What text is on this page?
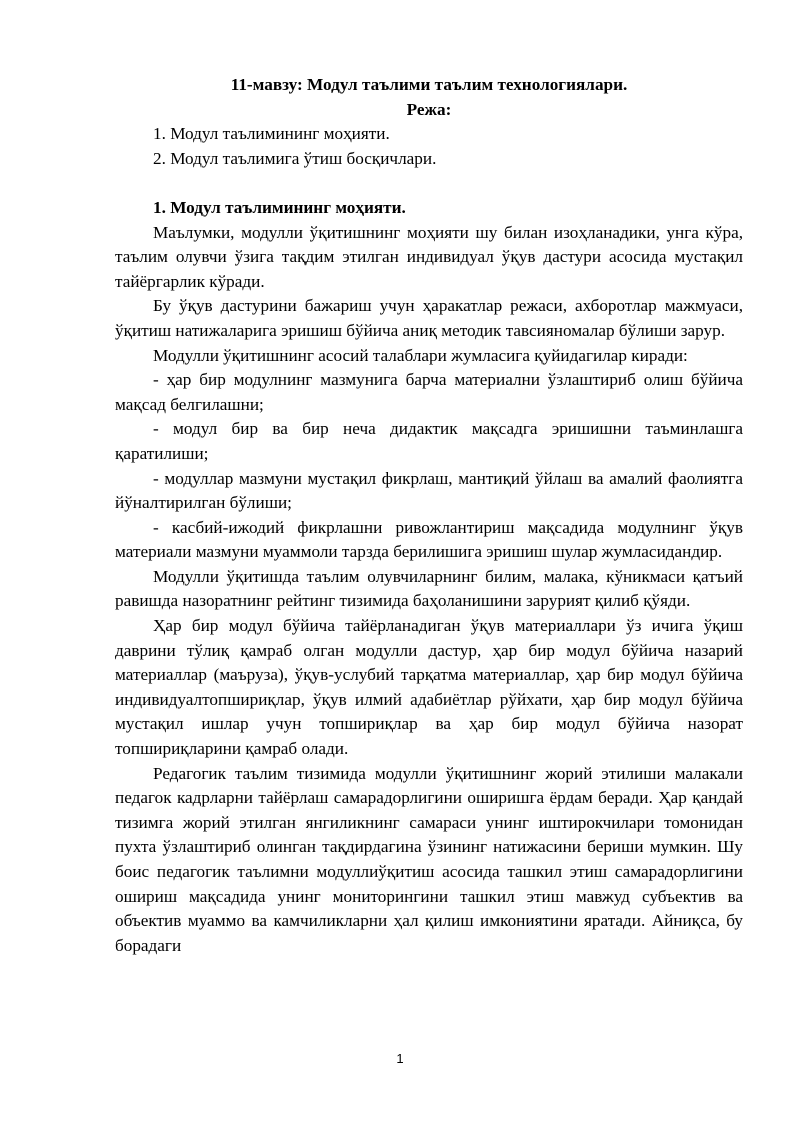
11-мавзу: Модул таълими таълим технологиялари.

Режа:

1. Модул таълимининг моҳияти.

2. Модул таълимига ўтиш босқичлари.

1. Модул таълимининг моҳияти.

Маълумки, модулли ўқитишнинг моҳияти шу билан изоҳланадики, унга кўра, таълим олувчи ўзига тақдим этилган индивидуал ўқув дастури асосида мустақил тайёргарлик кўради.

Бу ўқув дастурини бажариш учун ҳаракатлар режаси, ахборотлар мажмуаси, ўқитиш натижаларига эришиш бўйича аниқ методик тавсияномалар бўлиши зарур.

Модулли ўқитишнинг асосий талаблари жумласига қуйидагилар киради:

- ҳар бир модулнинг мазмунига барча материални ўзлаштириб олиш бўйича мақсад белгилашни;

- модул бир ва бир неча дидактик мақсадга эришишни таъминлашга қаратилиши;

- модуллар мазмуни мустақил фикрлаш, мантиқий ўйлаш ва амалий фаолиятга йўналтирилган бўлиши;

- касбий-ижодий фикрлашни ривожлантириш мақсадида модулнинг ўқув материали мазмуни муаммоли тарзда берилишига эришиш шулар жумласидандир.

Модулли ўқитишда таълим олувчиларнинг билим, малака, кўникмаси қатъий равишда назоратнинг рейтинг тизимида баҳоланишини зарурият қилиб қўяди.

Ҳар бир модул бўйича тайёрланадиган ўқув материаллари ўз ичига ўқиш даврини тўлиқ қамраб олган модулли дастур, ҳар бир модул бўйича назарий материаллар (маъруза), ўқув-услубий тарқатма материаллар, ҳар бир модул бўйича индивидуалтопшириқлар, ўқув илмий адабиётлар рўйхати, ҳар бир модул бўйича мустақил ишлар учун топшириқлар ва ҳар бир модул бўйича назорат топшириқларини қамраб олади.

Редагогик таълим тизимида модулли ўқитишнинг жорий этилиши малакали педагок кадрларни тайёрлаш самарадорлигини оширишга ёрдам беради. Ҳар қандай тизимга жорий этилган янгиликнинг самараси унинг иштирокчилари томонидан пухта ўзлаштириб олинган тақдирдагина ўзининг натижасини бериши мумкин. Шу боис педагогик таълимни модуллиўқитиш асосида ташкил этиш самарадорлигини ошириш мақсадида унинг мониторингини ташкил этиш мавжуд субъектив ва объектив муаммо ва камчиликларни ҳал қилиш имкониятини яратади. Айниқса, бу борадаги

1
